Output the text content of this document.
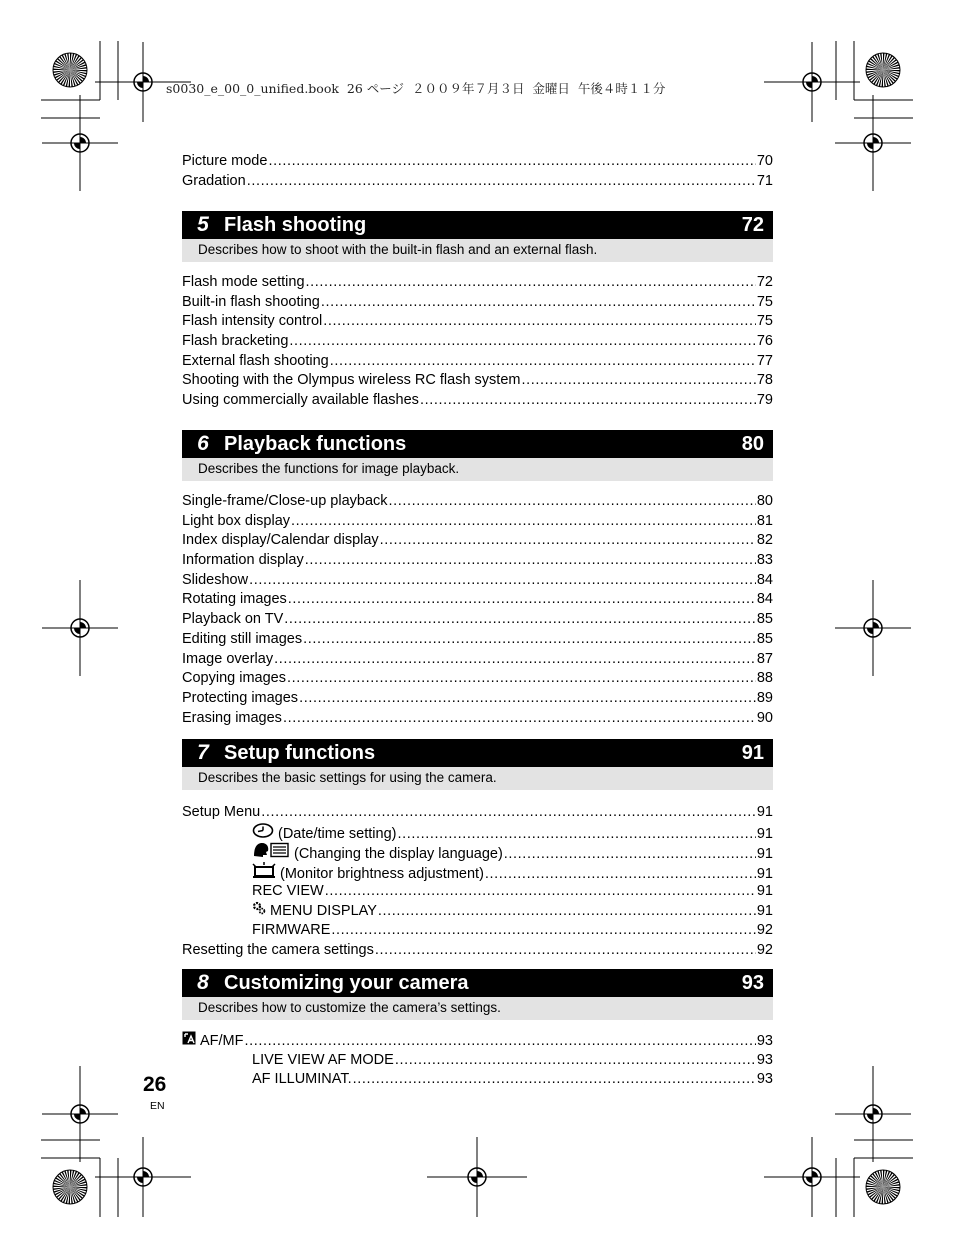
s0030_e_00_0_unified.book  26 ページ  ２００９年７月３日  金曜日  午後４時１１分
Picture mode .....	70
Gradation .....	71
5 Flash shooting	72
Describes how to shoot with the built-in flash and an external flash.
Flash mode setting .....	72
Built-in flash shooting .....	75
Flash intensity control .....	75
Flash bracketing .....	76
External flash shooting .....	77
Shooting with the Olympus wireless RC flash system .....	78
Using commercially available flashes .....	79
6 Playback functions	80
Describes the functions for image playback.
Single-frame/Close-up playback .....	80
Light box display .....	81
Index display/Calendar display .....	82
Information display .....	83
Slideshow .....	84
Rotating images .....	84
Playback on TV .....	85
Editing still images .....	85
Image overlay .....	87
Copying images .....	88
Protecting images .....	89
Erasing images .....	90
7 Setup functions	91
Describes the basic settings for using the camera.
Setup Menu .....	91
(Date/time setting) .....	91
(Changing the display language) .....	91
(Monitor brightness adjustment) .....	91
REC VIEW .....	91
MENU DISPLAY .....	91
FIRMWARE .....	92
Resetting the camera settings .....	92
8 Customizing your camera	93
Describes how to customize the camera’s settings.
AF/MF .....	93
LIVE VIEW AF MODE .....	93
AF ILLUMINAT. .....	93
26
EN
